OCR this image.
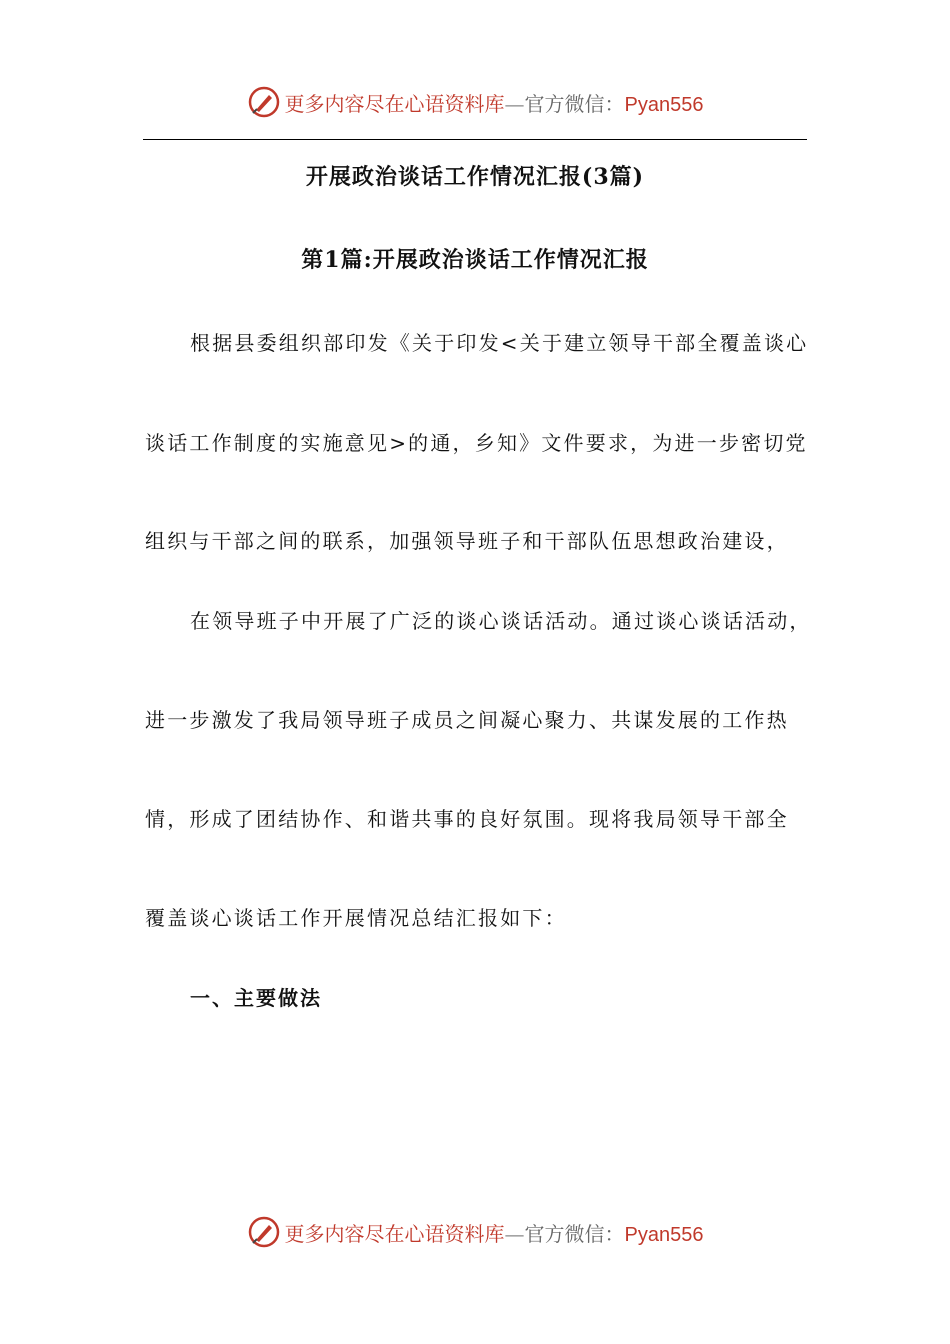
更多内容尽在心语资料库—官方微信：Pyan556
开展政治谈话工作情况汇报(3篇)
第1篇:开展政治谈话工作情况汇报
根据县委组织部印发《关于印发<关于建立领导干部全覆盖谈心
谈话工作制度的实施意见>的通，乡知》文件要求，为进一步密切党
组织与干部之间的联系，加强领导班子和干部队伍思想政治建设，
在领导班子中开展了广泛的谈心谈话活动。通过谈心谈话活动，
进一步激发了我局领导班子成员之间凝心聚力、共谋发展的工作热
情，形成了团结协作、和谐共事的良好氛围。现将我局领导干部全
覆盖谈心谈话工作开展情况总结汇报如下：
一、主要做法
更多内容尽在心语资料库—官方微信：Pyan556
